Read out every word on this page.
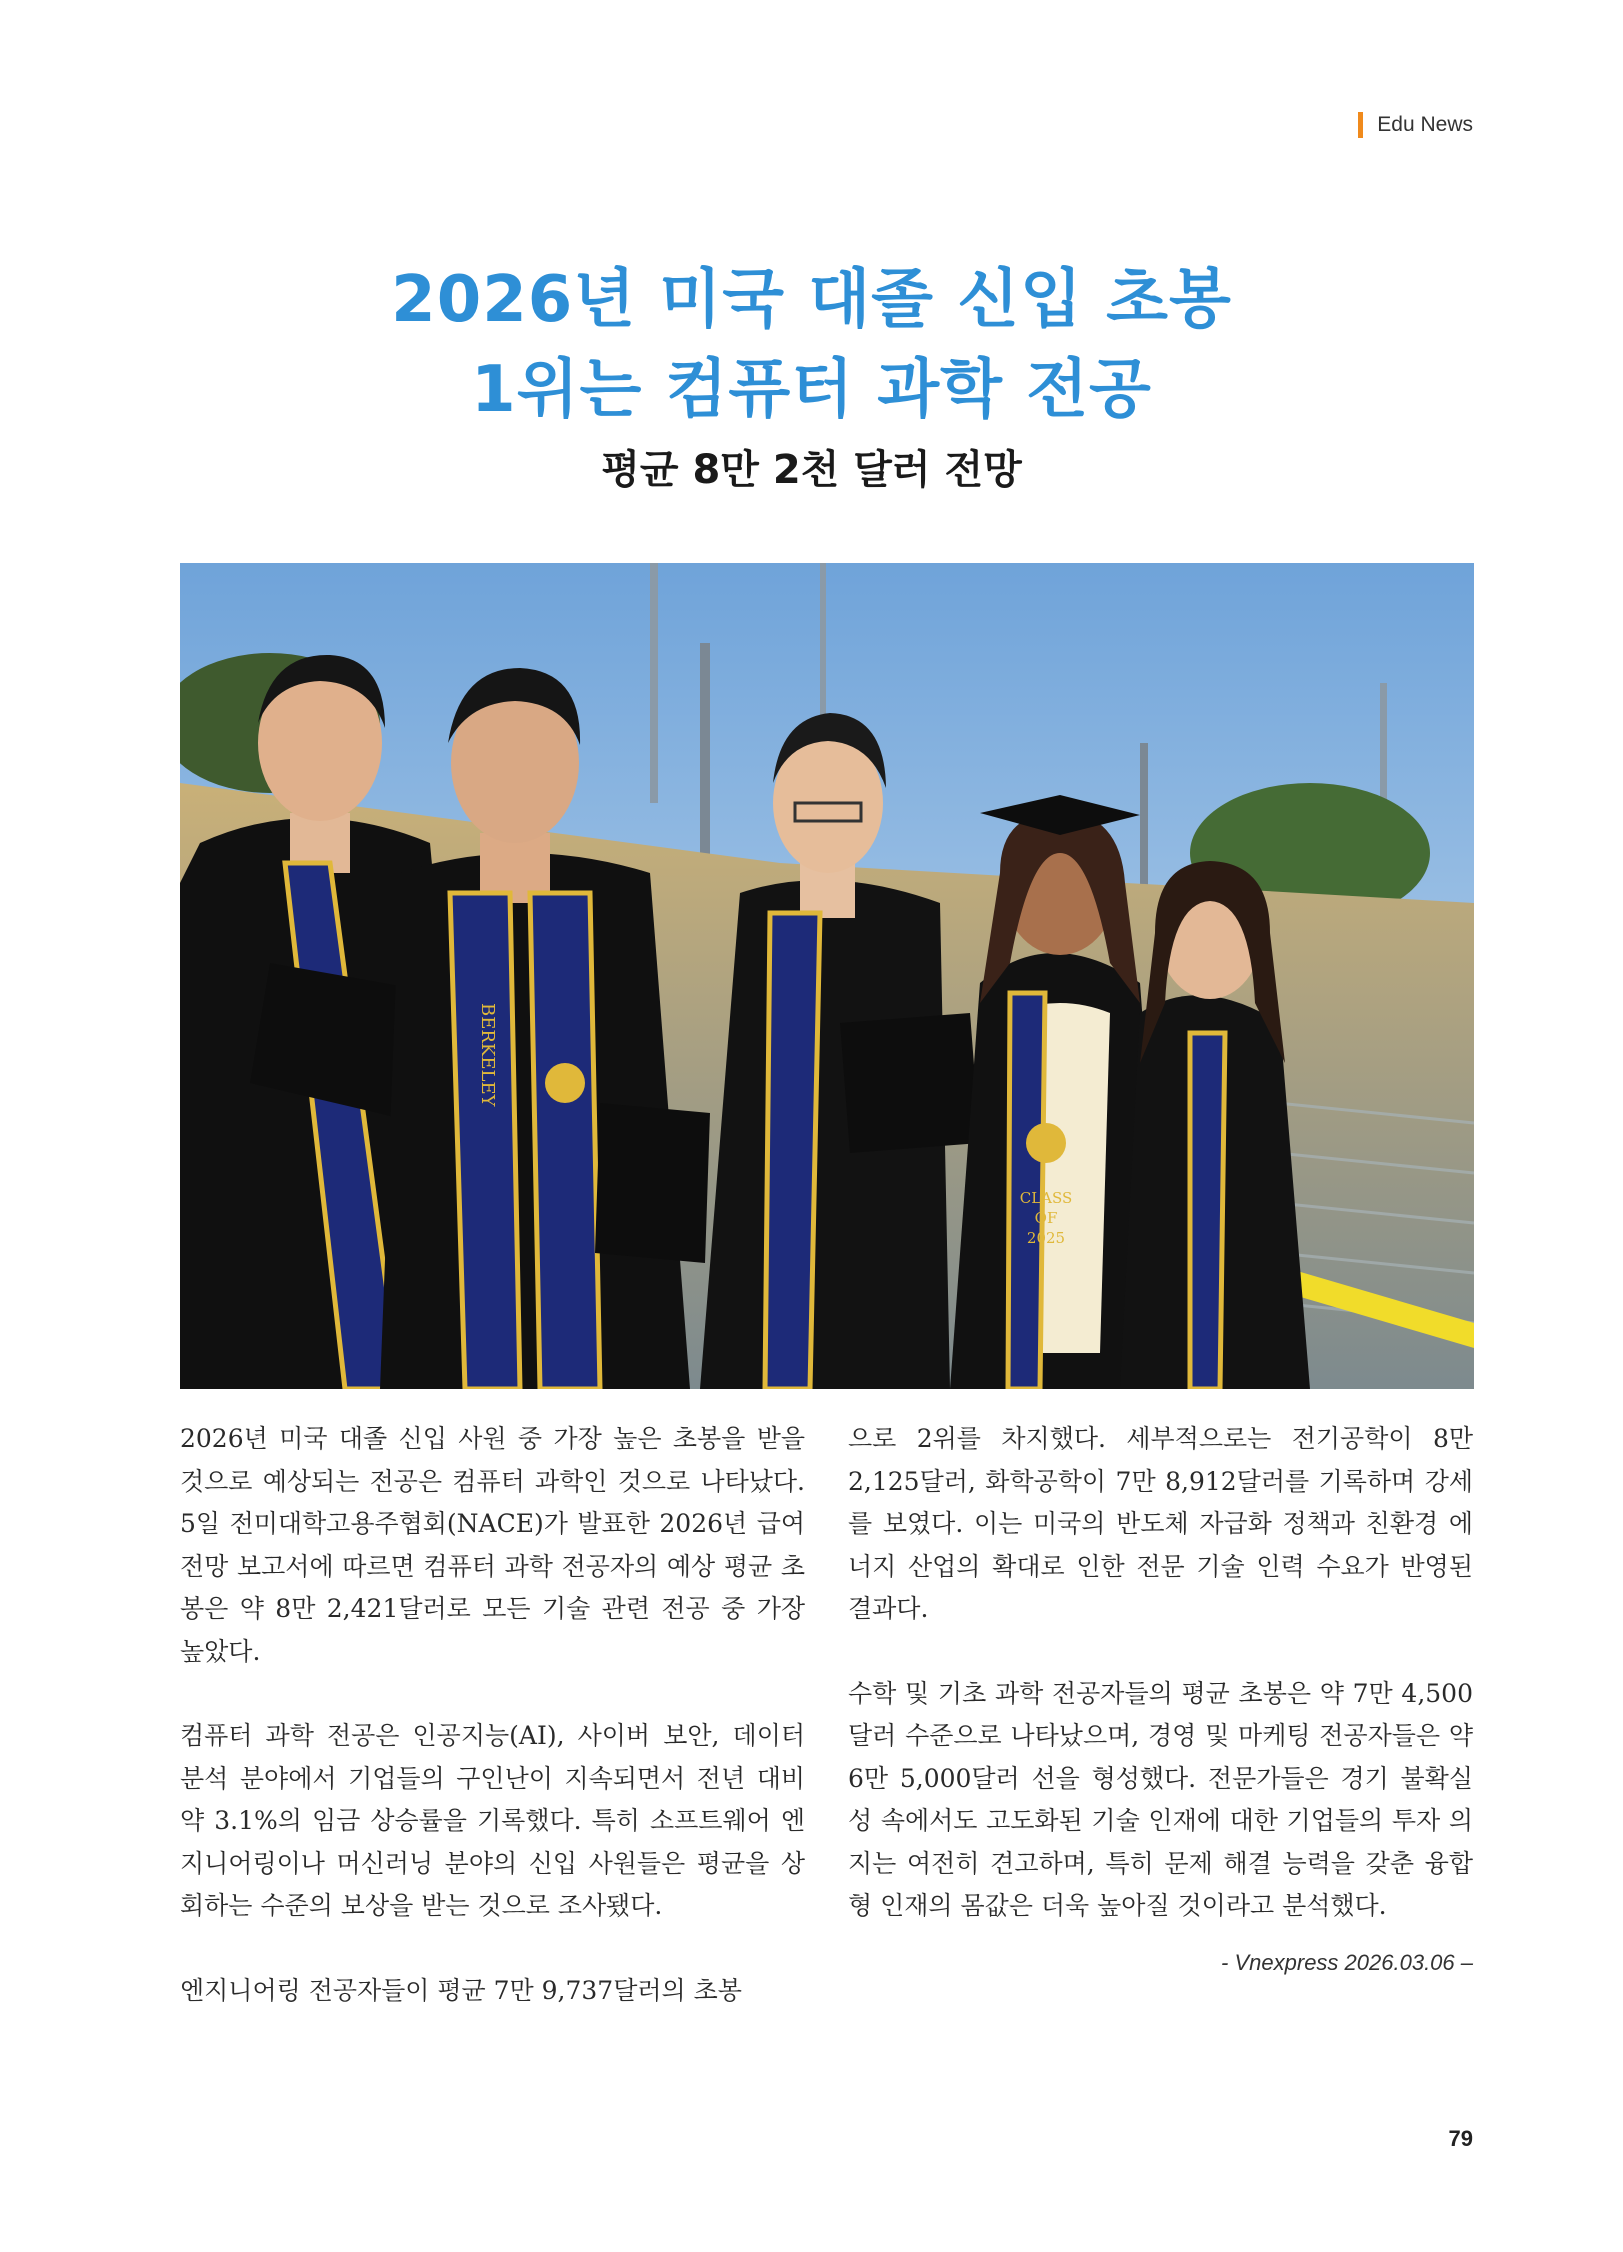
Edu News
2026년 미국 대졸 신입 초봉
1위는 컴퓨터 과학 전공
평균 8만 2천 달러 전망
BERKELEY
CLASS
OF
2025

2026년 미국 대졸 신입 사원 중 가장 높은 초봉을 받을 것으로 예상되는 전공은 컴퓨터 과학인 것으로 나타났다. 5일 전미대학고용주협회(NACE)가 발표한 2026년 급여 전망 보고서에 따르면 컴퓨터 과학 전공자의 예상 평균 초봉은 약 8만 2,421달러로 모든 기술 관련 전공 중 가장 높았다.

컴퓨터 과학 전공은 인공지능(AI), 사이버 보안, 데이터 분석 분야에서 기업들의 구인난이 지속되면서 전년 대비 약 3.1%의 임금 상승률을 기록했다. 특히 소프트웨어 엔지니어링이나 머신러닝 분야의 신입 사원들은 평균을 상회하는 수준의 보상을 받는 것으로 조사됐다.

엔지니어링 전공자들이 평균 7만 9,737달러의 초봉

으로 2위를 차지했다. 세부적으로는 전기공학이 8만 2,125달러, 화학공학이 7만 8,912달러를 기록하며 강세를 보였다. 이는 미국의 반도체 자급화 정책과 친환경 에너지 산업의 확대로 인한 전문 기술 인력 수요가 반영된 결과다.

수학 및 기초 과학 전공자들의 평균 초봉은 약 7만 4,500달러 수준으로 나타났으며, 경영 및 마케팅 전공자들은 약 6만 5,000달러 선을 형성했다. 전문가들은 경기 불확실성 속에서도 고도화된 기술 인재에 대한 기업들의 투자 의지는 여전히 견고하며, 특히 문제 해결 능력을 갖춘 융합형 인재의 몸값은 더욱 높아질 것이라고 분석했다.

- Vnexpress 2026.03.06 –
79
